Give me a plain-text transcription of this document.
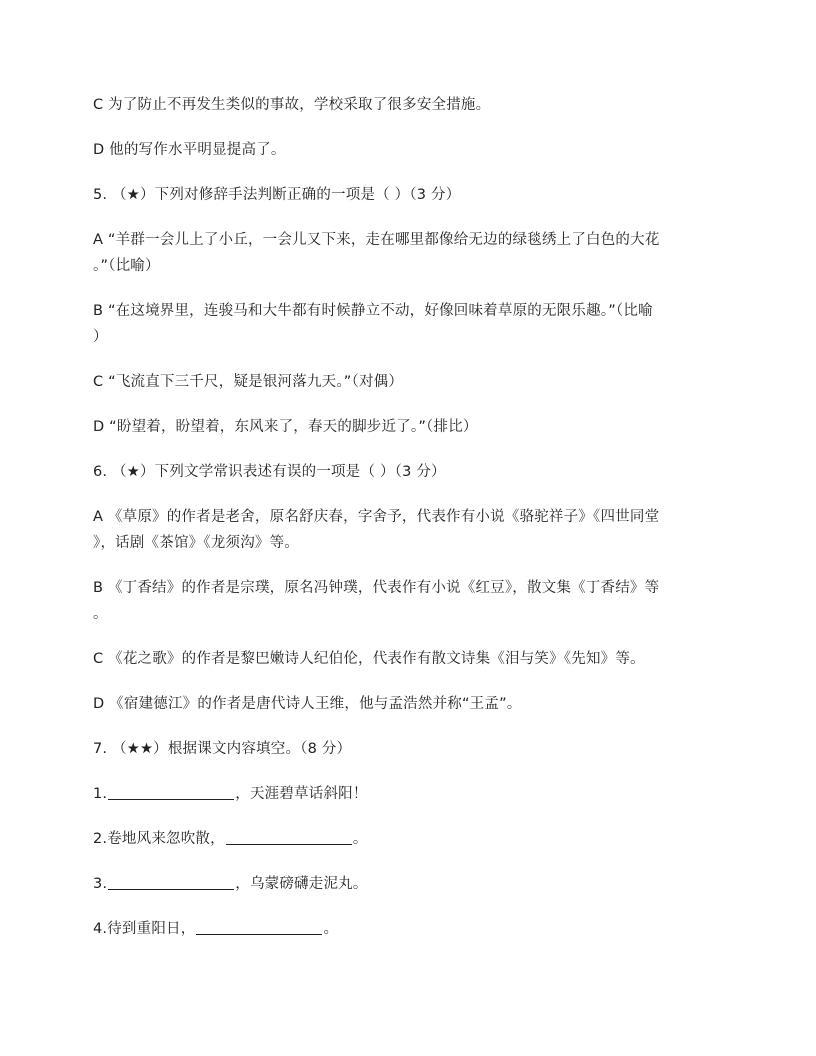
C 为了防止不再发生类似的事故，学校采取了很多安全措施。
D 他的写作水平明显提高了。
5. （★）下列对修辞手法判断正确的一项是（ ）（3 分）
A “羊群一会儿上了小丘，一会儿又下来，走在哪里都像给无边的绿毯绣上了白色的大花
。”（比喻）
B “在这境界里，连骏马和大牛都有时候静立不动，好像回味着草原的无限乐趣。”（比喻
）
C “飞流直下三千尺，疑是银河落九天。”（对偶）
D “盼望着，盼望着，东风来了，春天的脚步近了。”（排比）
6. （★）下列文学常识表述有误的一项是（ ）（3 分）
A 《草原》的作者是老舍，原名舒庆春，字舍予，代表作有小说《骆驼祥子》《四世同堂
》，话剧《茶馆》《龙须沟》等。
B 《丁香结》的作者是宗璞，原名冯钟璞，代表作有小说《红豆》，散文集《丁香结》等
。
C 《花之歌》的作者是黎巴嫩诗人纪伯伦，代表作有散文诗集《泪与笑》《先知》等。
D 《宿建德江》的作者是唐代诗人王维，他与孟浩然并称“王孟”。
7. （★★）根据课文内容填空。（8 分）
1.	，天涯碧草话斜阳！
2.卷地风来忽吹散，	。
3.	，乌蒙磅礴走泥丸。
4.待到重阳日，	。
